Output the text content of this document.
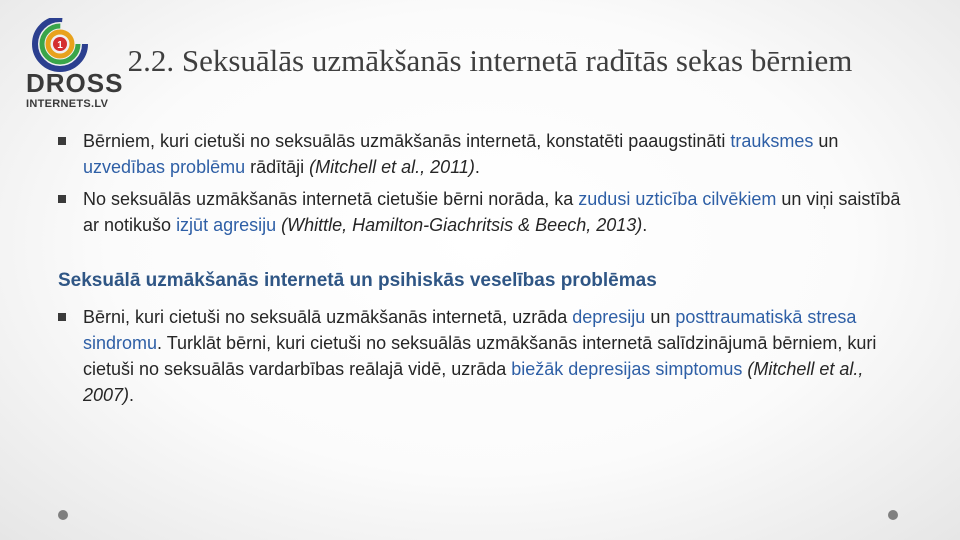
1
DROSS
INTERNETS.LV
2.2. Seksuālās uzmākšanās internetā radītās sekas bērniem
Bērniem, kuri cietuši no seksuālās uzmākšanās internetā, konstatēti paaugstināti trauksmes un uzvedības problēmu rādītāji (Mitchell et al., 2011).
No seksuālās uzmākšanās internetā cietušie bērni norāda, ka zudusi uzticība cilvēkiem un viņi saistībā ar notikušo izjūt agresiju (Whittle, Hamilton-Giachritsis & Beech, 2013).
Seksuālā uzmākšanās internetā un psihiskās veselības problēmas
Bērni, kuri cietuši no seksuālā uzmākšanās internetā, uzrāda depresiju un posttraumatiskā stresa sindromu. Turklāt bērni, kuri cietuši no seksuālās uzmākšanās internetā salīdzinājumā bērniem, kuri cietuši no seksuālās vardarbības reālajā vidē, uzrāda biežāk depresijas simptomus (Mitchell et al., 2007).
